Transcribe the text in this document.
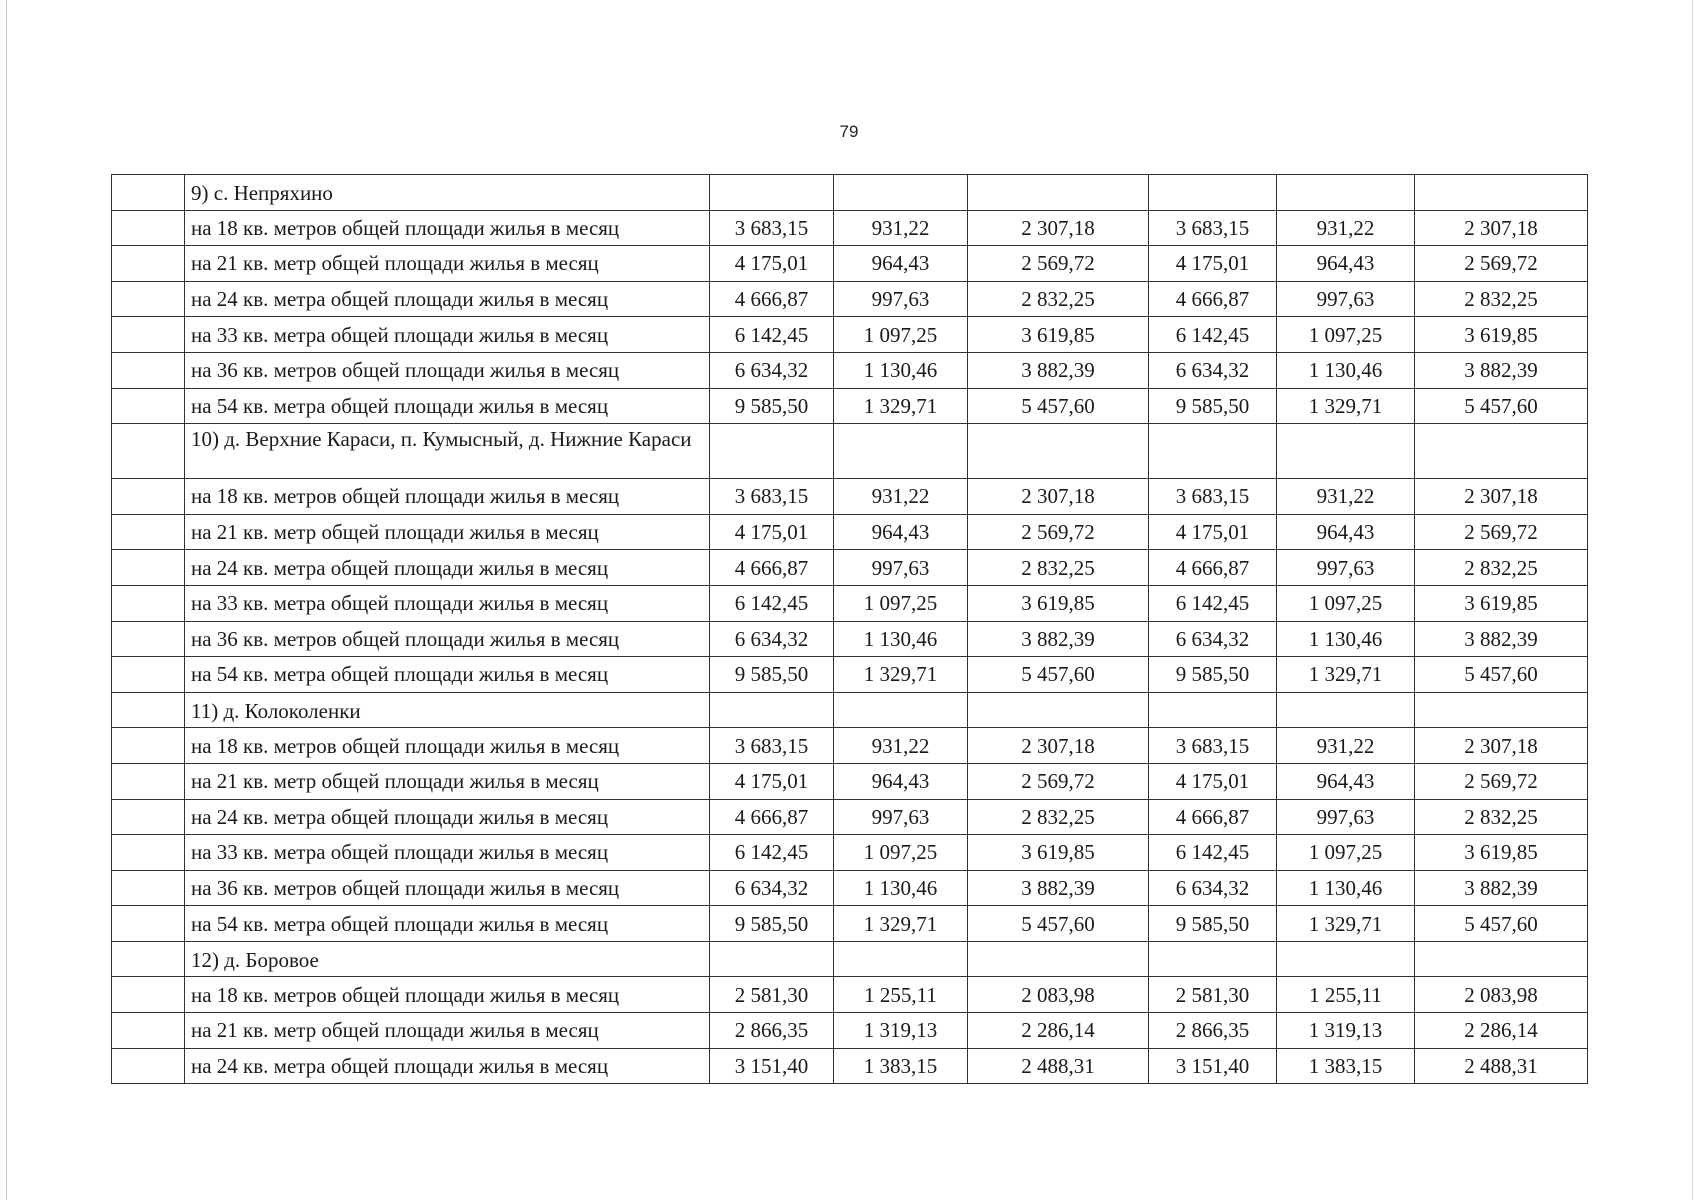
79
	9) с. Непряхино						
	на 18 кв. метров общей площади жилья в месяц	3 683,15	931,22	2 307,18	3 683,15	931,22	2 307,18
	на 21 кв. метр общей площади жилья в месяц	4 175,01	964,43	2 569,72	4 175,01	964,43	2 569,72
	на 24 кв. метра общей площади жилья в месяц	4 666,87	997,63	2 832,25	4 666,87	997,63	2 832,25
	на 33 кв. метра общей площади жилья в месяц	6 142,45	1 097,25	3 619,85	6 142,45	1 097,25	3 619,85
	на 36 кв. метров общей площади жилья в месяц	6 634,32	1 130,46	3 882,39	6 634,32	1 130,46	3 882,39
	на 54 кв. метра общей площади жилья в месяц	9 585,50	1 329,71	5 457,60	9 585,50	1 329,71	5 457,60
	10) д. Верхние Караси, п. Кумысный, д. Нижние Караси						
	на 18 кв. метров общей площади жилья в месяц	3 683,15	931,22	2 307,18	3 683,15	931,22	2 307,18
	на 21 кв. метр общей площади жилья в месяц	4 175,01	964,43	2 569,72	4 175,01	964,43	2 569,72
	на 24 кв. метра общей площади жилья в месяц	4 666,87	997,63	2 832,25	4 666,87	997,63	2 832,25
	на 33 кв. метра общей площади жилья в месяц	6 142,45	1 097,25	3 619,85	6 142,45	1 097,25	3 619,85
	на 36 кв. метров общей площади жилья в месяц	6 634,32	1 130,46	3 882,39	6 634,32	1 130,46	3 882,39
	на 54 кв. метра общей площади жилья в месяц	9 585,50	1 329,71	5 457,60	9 585,50	1 329,71	5 457,60
	11) д. Колоколенки						
	на 18 кв. метров общей площади жилья в месяц	3 683,15	931,22	2 307,18	3 683,15	931,22	2 307,18
	на 21 кв. метр общей площади жилья в месяц	4 175,01	964,43	2 569,72	4 175,01	964,43	2 569,72
	на 24 кв. метра общей площади жилья в месяц	4 666,87	997,63	2 832,25	4 666,87	997,63	2 832,25
	на 33 кв. метра общей площади жилья в месяц	6 142,45	1 097,25	3 619,85	6 142,45	1 097,25	3 619,85
	на 36 кв. метров общей площади жилья в месяц	6 634,32	1 130,46	3 882,39	6 634,32	1 130,46	3 882,39
	на 54 кв. метра общей площади жилья в месяц	9 585,50	1 329,71	5 457,60	9 585,50	1 329,71	5 457,60
	12) д. Боровое						
	на 18 кв. метров общей площади жилья в месяц	2 581,30	1 255,11	2 083,98	2 581,30	1 255,11	2 083,98
	на 21 кв. метр общей площади жилья в месяц	2 866,35	1 319,13	2 286,14	2 866,35	1 319,13	2 286,14
	на 24 кв. метра общей площади жилья в месяц	3 151,40	1 383,15	2 488,31	3 151,40	1 383,15	2 488,31
